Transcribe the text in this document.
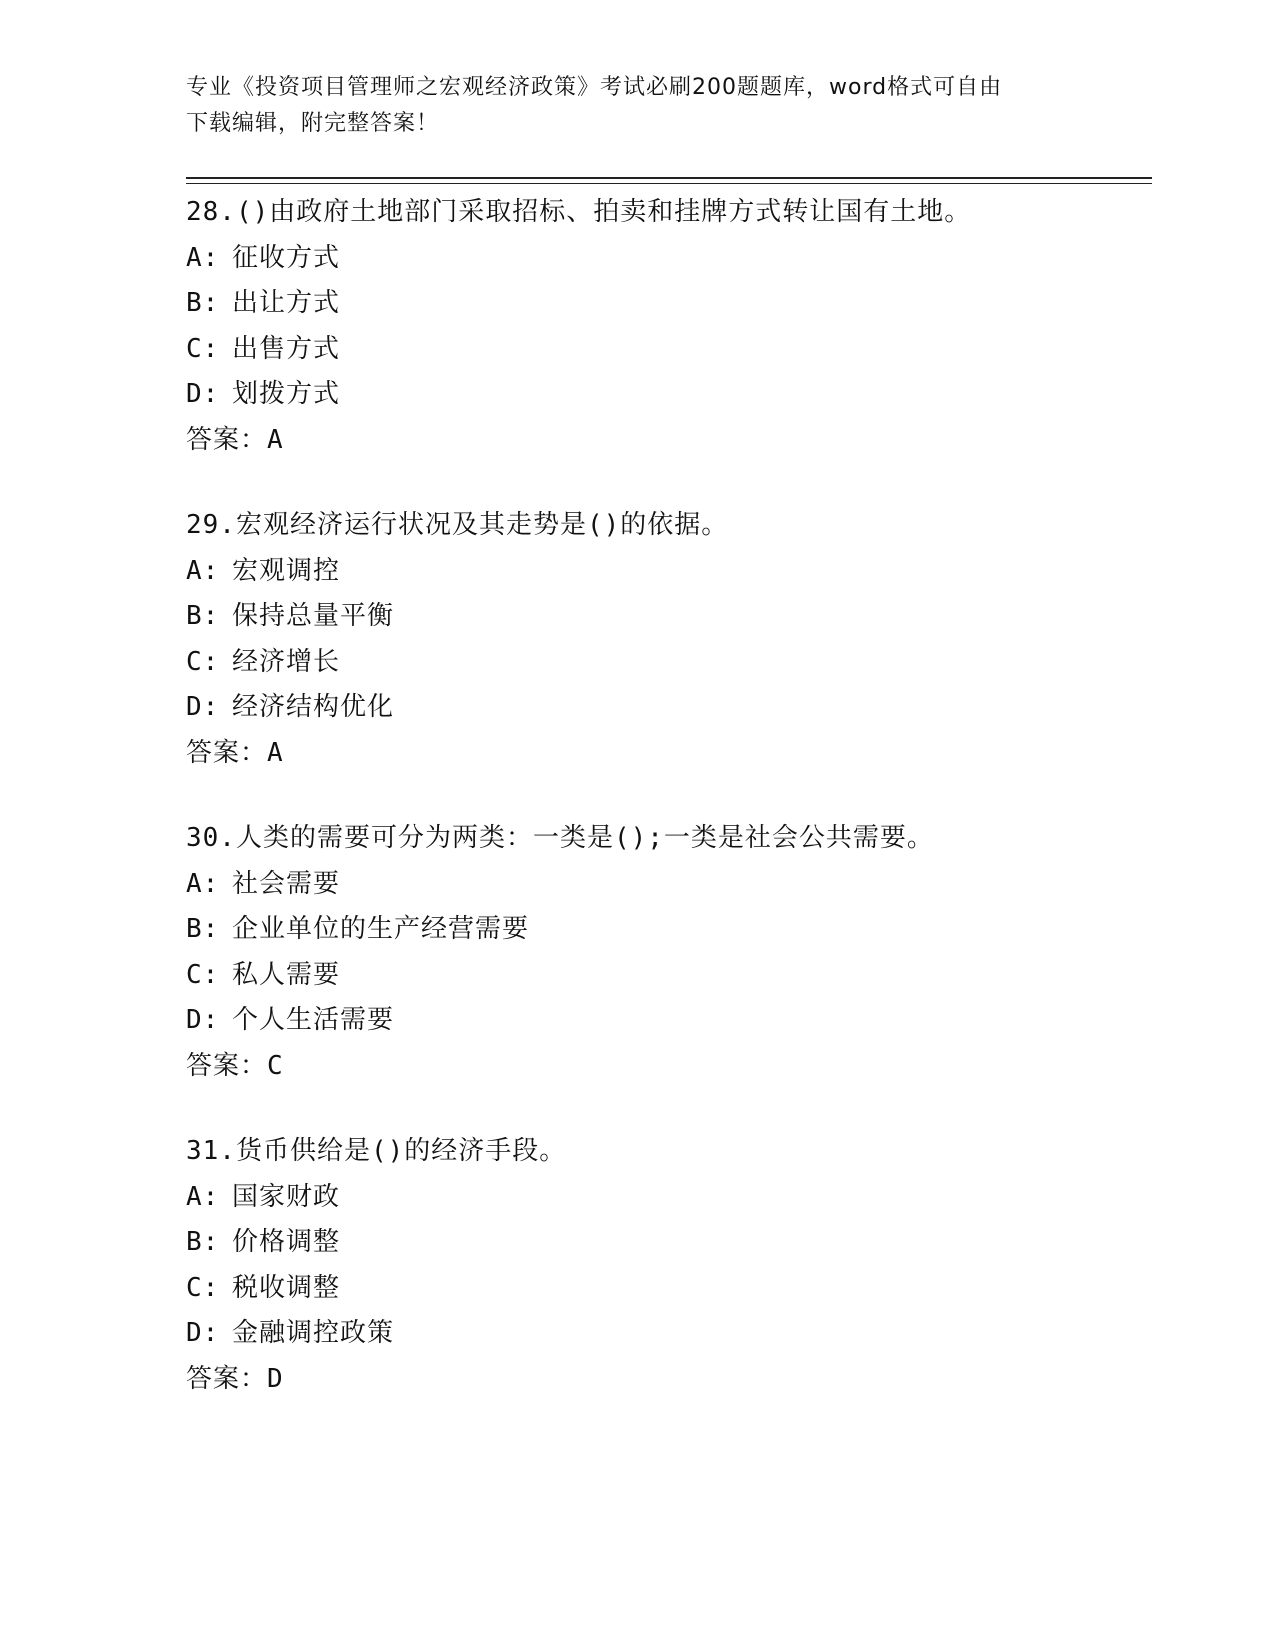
专业《投资项目管理师之宏观经济政策》考试必刷200题题库，word格式可自由
下载编辑，附完整答案！
28.()由政府土地部门采取招标、拍卖和挂牌方式转让国有土地。
A: 征收方式
B: 出让方式
C: 出售方式
D: 划拨方式
答案：A
29.宏观经济运行状况及其走势是()的依据。
A: 宏观调控
B: 保持总量平衡
C: 经济增长
D: 经济结构优化
答案：A
30.人类的需要可分为两类：一类是();一类是社会公共需要。
A: 社会需要
B: 企业单位的生产经营需要
C: 私人需要
D: 个人生活需要
答案：C
31.货币供给是()的经济手段。
A: 国家财政
B: 价格调整
C: 税收调整
D: 金融调控政策
答案：D
